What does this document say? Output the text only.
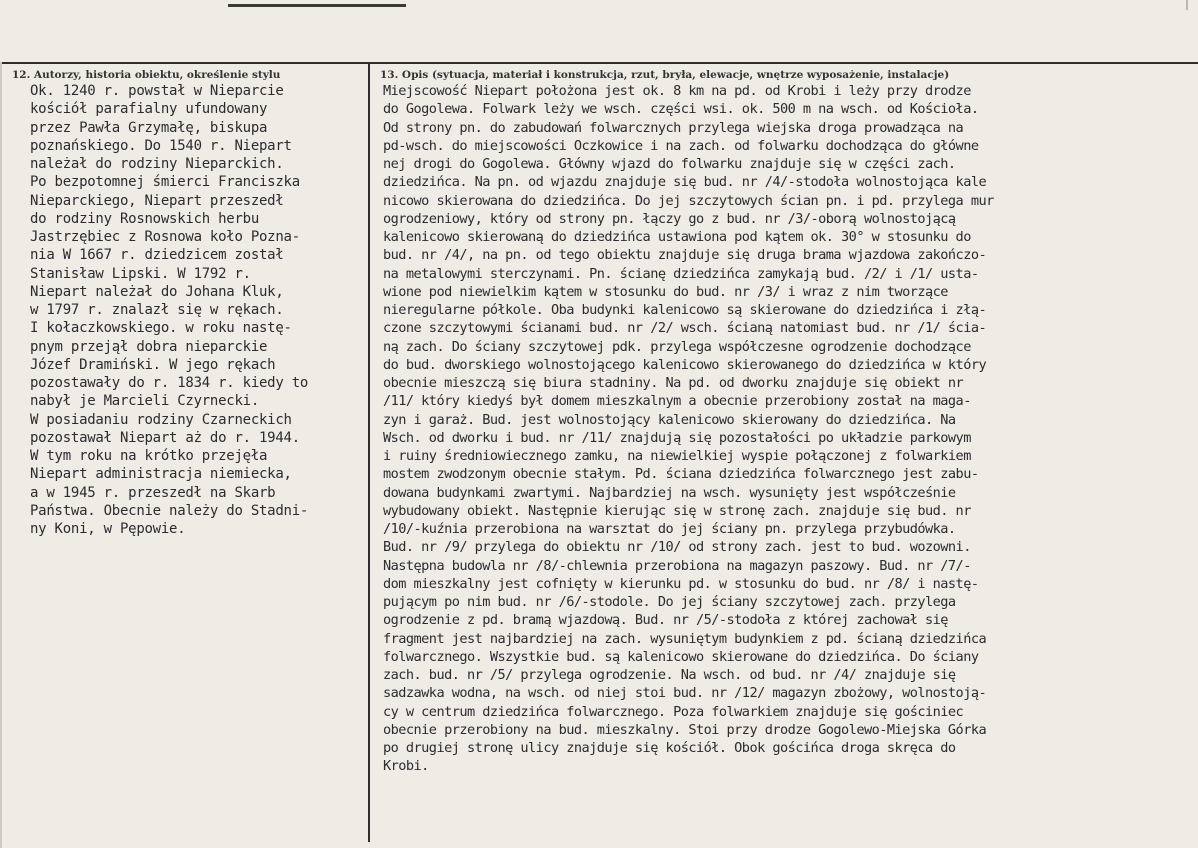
12. Autorzy, historia obiektu, określenie stylu	13. Opis (sytuacja, materiał i konstrukcja, rzut, bryła, elewacje, wnętrze wyposażenie, instalacje)
Ok. 1240 r. powstał w Nieparcie
kościół parafialny ufundowany
przez Pawła Grzymałę, biskupa
poznańskiego. Do 1540 r. Niepart
należał do rodziny Nieparckich.
Po bezpotomnej śmierci Franciszka
Nieparckiego, Niepart przeszedł
do rodziny Rosnowskich herbu
Jastrzębiec z Rosnowa koło Pozna-
nia W 1667 r. dziedzicem został
Stanisław Lipski. W 1792 r.
Niepart należał do Johana Kluk,
w 1797 r. znalazł się w rękach.
I kołaczkowskiego. w roku nastę-
pnym przejął dobra nieparckie
Józef Dramiński. W jego rękach
pozostawały do r. 1834 r. kiedy to
nabył je Marcieli Czyrnecki.
W posiadaniu rodziny Czarneckich
pozostawał Niepart aż do r. 1944.
W tym roku na krótko przejęła
Niepart administracja niemiecka,
a w 1945 r. przeszedł na Skarb
Państwa. Obecnie należy do Stadni-
ny Koni, w Pępowie.
Miejscowość Niepart położona jest ok. 8 km na pd. od Krobi i leży przy drodze
do Gogolewa. Folwark leży we wsch. części wsi. ok. 500 m na wsch. od Kościoła.
Od strony pn. do zabudowań folwarcznych przylega wiejska droga prowadząca na
pd-wsch. do miejscowości Oczkowice i na zach. od folwarku dochodząca do główne
nej drogi do Gogolewa. Główny wjazd do folwarku znajduje się w części zach.
dziedzińca. Na pn. od wjazdu znajduje się bud. nr /4/-stodoła wolnostojąca kale
nicowo skierowana do dziedzińca. Do jej szczytowych ścian pn. i pd. przylega mur
ogrodzeniowy, który od strony pn. łączy go z bud. nr /3/-oborą wolnostojącą
kalenicowo skierowaną do dziedzińca ustawiona pod kątem ok. 30° w stosunku do
bud. nr /4/, na pn. od tego obiektu znajduje się druga brama wjazdowa zakończo-
na metalowymi sterczynami. Pn. ścianę dziedzińca zamykają bud. /2/ i /1/ usta-
wione pod niewielkim kątem w stosunku do bud. nr /3/ i wraz z nim tworzące
nieregularne półkole. Oba budynki kalenicowo są skierowane do dziedzińca i złą-
czone szczytowymi ścianami bud. nr /2/ wsch. ścianą natomiast bud. nr /1/ ścia-
ną zach. Do ściany szczytowej pdk. przylega współczesne ogrodzenie dochodzące
do bud. dworskiego wolnostojącego kalenicowo skierowanego do dziedzińca w który
obecnie mieszczą się biura stadniny. Na pd. od dworku znajduje się obiekt nr
/11/ który kiedyś był domem mieszkalnym a obecnie przerobiony został na maga-
zyn i garaż. Bud. jest wolnostojący kalenicowo skierowany do dziedzińca. Na
Wsch. od dworku i bud. nr /11/ znajdują się pozostałości po układzie parkowym
i ruiny średniowiecznego zamku, na niewielkiej wyspie połączonej z folwarkiem
mostem zwodzonym obecnie stałym. Pd. ściana dziedzińca folwarcznego jest zabu-
dowana budynkami zwartymi. Najbardziej na wsch. wysunięty jest współcześnie
wybudowany obiekt. Następnie kierując się w stronę zach. znajduje się bud. nr
/10/-kuźnia przerobiona na warsztat do jej ściany pn. przylega przybudówka.
Bud. nr /9/ przylega do obiektu nr /10/ od strony zach. jest to bud. wozowni.
Następna budowla nr /8/-chlewnia przerobiona na magazyn paszowy. Bud. nr /7/-
dom mieszkalny jest cofnięty w kierunku pd. w stosunku do bud. nr /8/ i nastę-
pującym po nim bud. nr /6/-stodole. Do jej ściany szczytowej zach. przylega
ogrodzenie z pd. bramą wjazdową. Bud. nr /5/-stodoła z której zachował się
fragment jest najbardziej na zach. wysuniętym budynkiem z pd. ścianą dziedzińca
folwarcznego. Wszystkie bud. są kalenicowo skierowane do dziedzińca. Do ściany
zach. bud. nr /5/ przylega ogrodzenie. Na wsch. od bud. nr /4/ znajduje się
sadzawka wodna, na wsch. od niej stoi bud. nr /12/ magazyn zbożowy, wolnostoją-
cy w centrum dziedzińca folwarcznego. Poza folwarkiem znajduje się gościniec
obecnie przerobiony na bud. mieszkalny. Stoi przy drodze Gogolewo-Miejska Górka
po drugiej stronę ulicy znajduje się kościół. Obok gościńca droga skręca do
Krobi.
